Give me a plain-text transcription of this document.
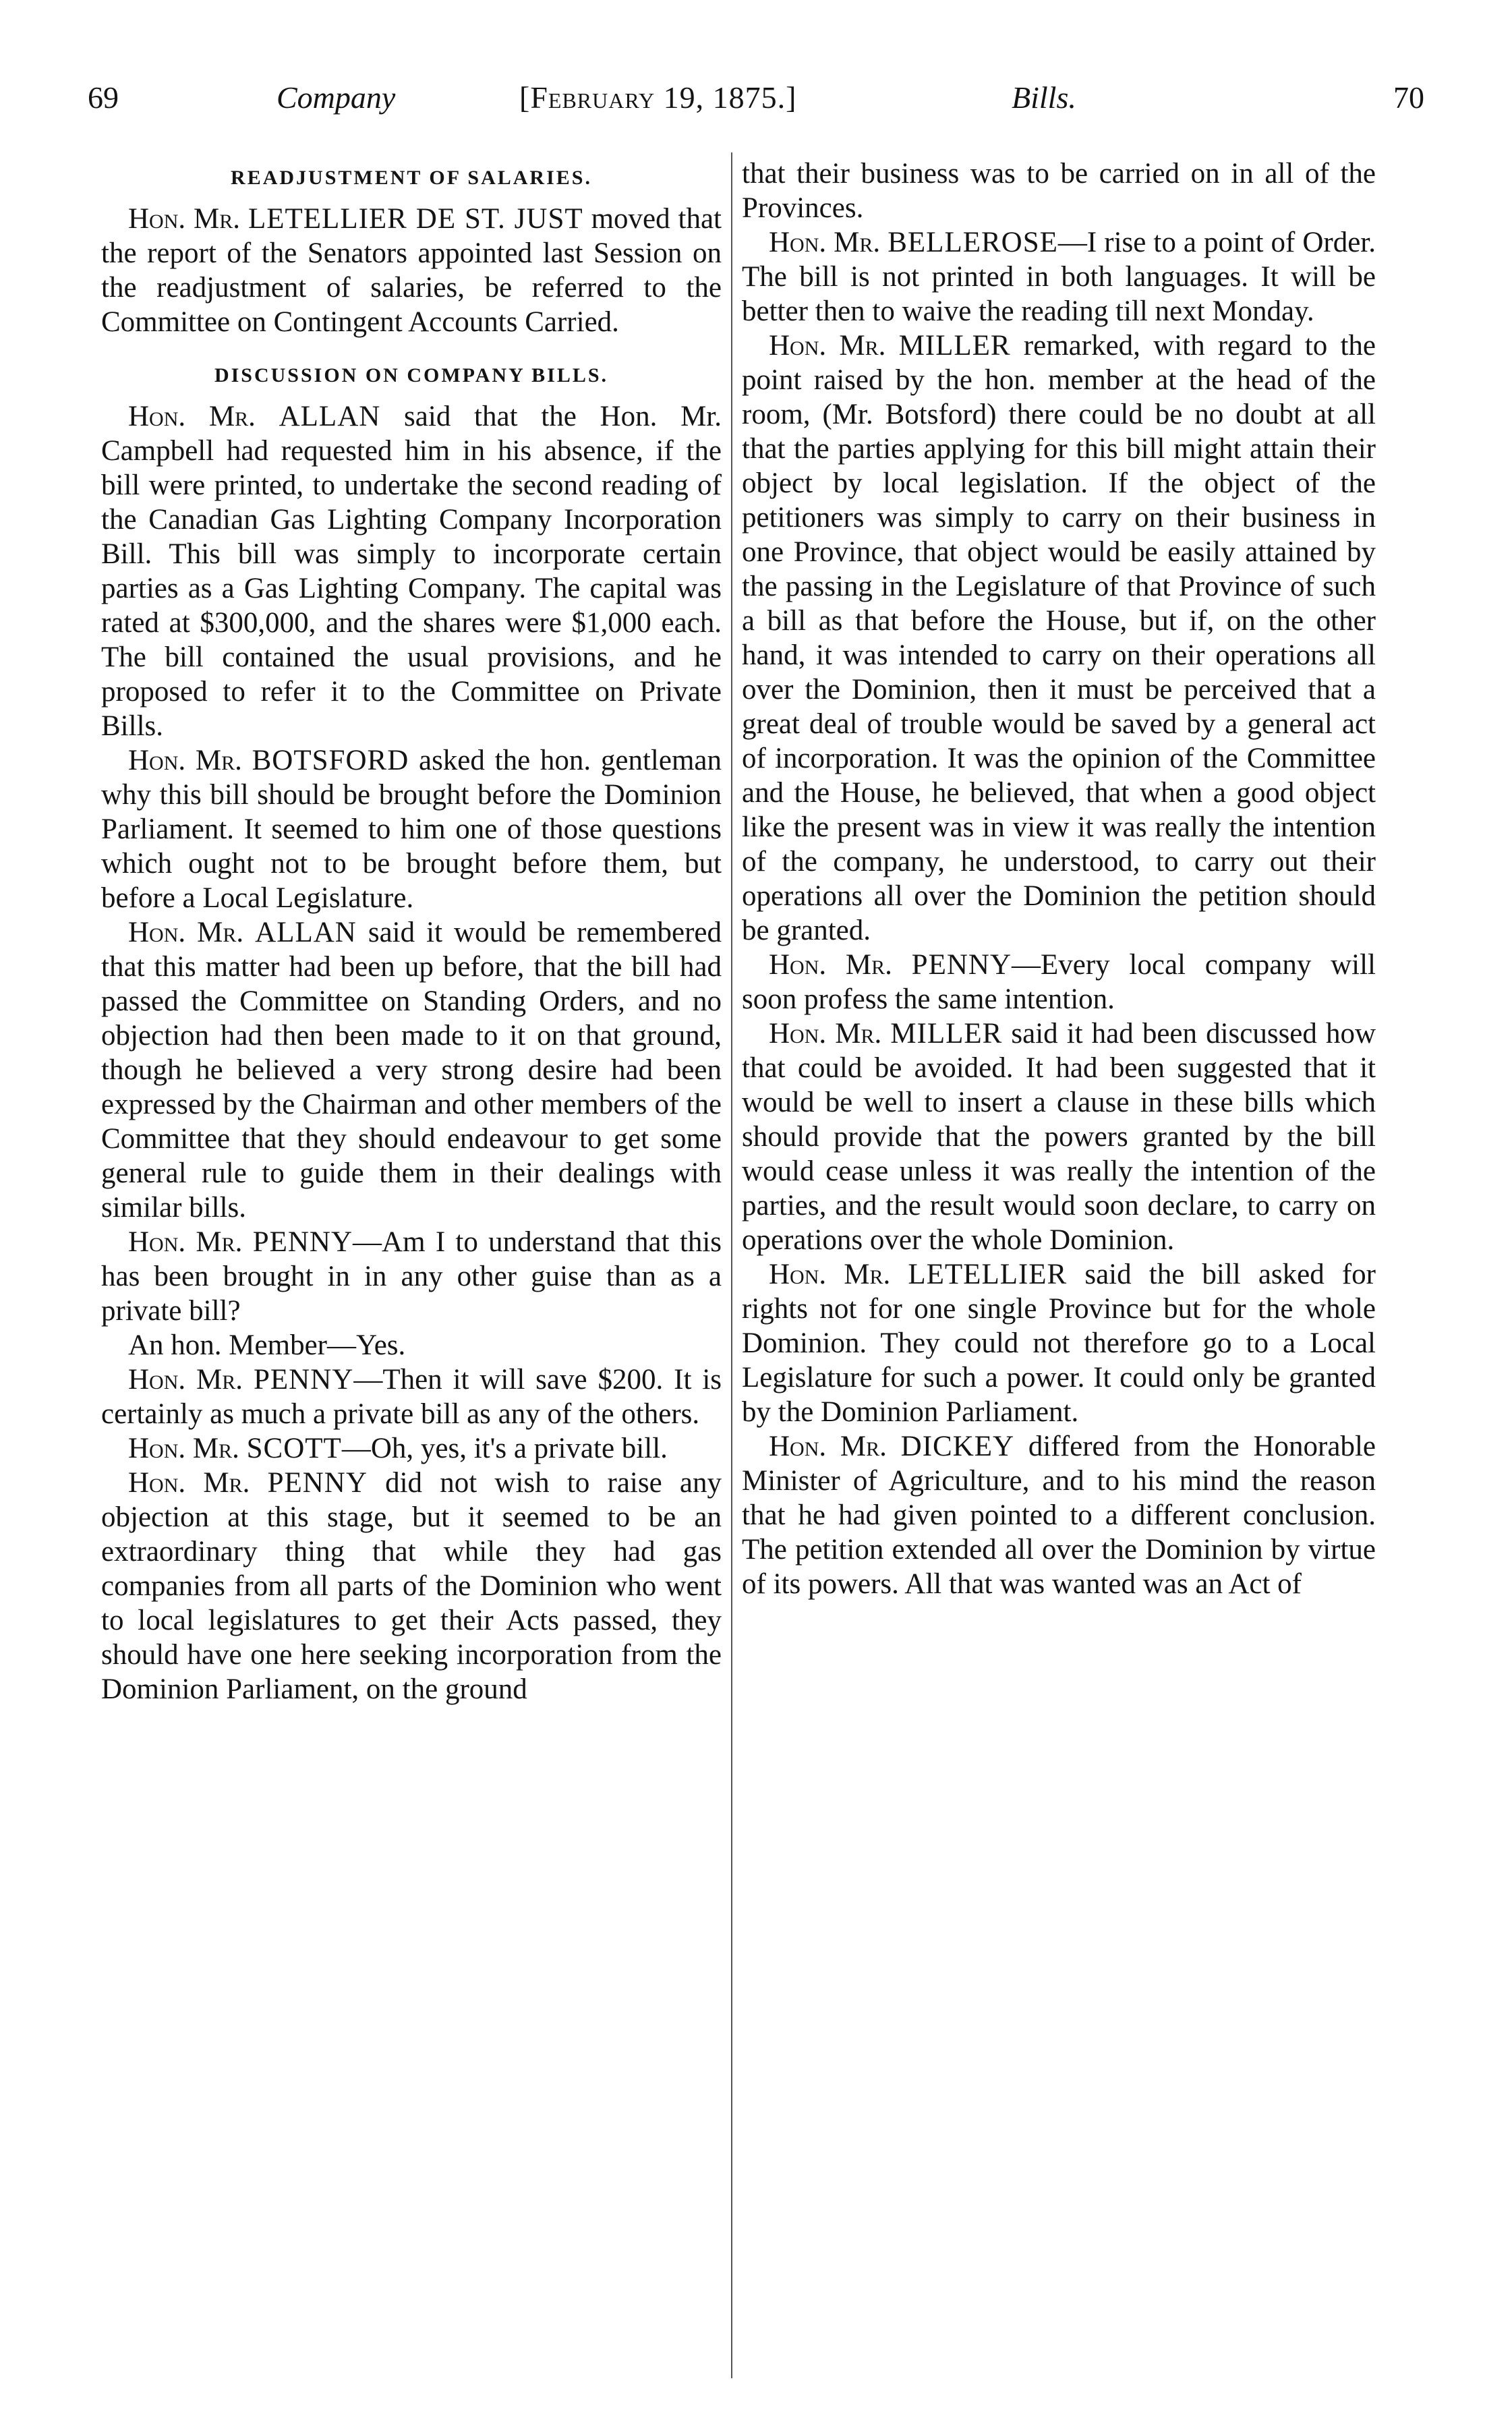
69	Company	[February 19, 1875.]	Bills.	70

READJUSTMENT OF SALARIES.

Hon. Mr. LETELLIER DE ST. JUST moved that the report of the Senators appointed last Session on the readjustment of salaries, be referred to the Committee on Contingent Accounts Carried.

DISCUSSION ON COMPANY BILLS.

Hon. Mr. ALLAN said that the Hon. Mr. Campbell had requested him in his absence, if the bill were printed, to undertake the second reading of the Canadian Gas Lighting Company Incorporation Bill. This bill was simply to incorporate certain parties as a Gas Lighting Company. The capital was rated at $300,000, and the shares were $1,000 each. The bill contained the usual provisions, and he proposed to refer it to the Committee on Private Bills.

Hon. Mr. BOTSFORD asked the hon. gentleman why this bill should be brought before the Dominion Parliament. It seemed to him one of those questions which ought not to be brought before them, but before a Local Legislature.

Hon. Mr. ALLAN said it would be remembered that this matter had been up before, that the bill had passed the Committee on Standing Orders, and no objection had then been made to it on that ground, though he believed a very strong desire had been expressed by the Chairman and other members of the Committee that they should endeavour to get some general rule to guide them in their dealings with similar bills.

Hon. Mr. PENNY—Am I to understand that this has been brought in in any other guise than as a private bill?

An hon. Member—Yes.

Hon. Mr. PENNY—Then it will save $200. It is certainly as much a private bill as any of the others.

Hon. Mr. SCOTT—Oh, yes, it's a private bill.

Hon. Mr. PENNY did not wish to raise any objection at this stage, but it seemed to be an extraordinary thing that while they had gas companies from all parts of the Dominion who went to local legislatures to get their Acts passed, they should have one here seeking incorporation from the Dominion Parliament, on the ground

that their business was to be carried on in all of the Provinces.

Hon. Mr. BELLEROSE—I rise to a point of Order. The bill is not printed in both languages. It will be better then to waive the reading till next Monday.

Hon. Mr. MILLER remarked, with regard to the point raised by the hon. member at the head of the room, (Mr. Botsford) there could be no doubt at all that the parties applying for this bill might attain their object by local legislation. If the object of the petitioners was simply to carry on their business in one Province, that object would be easily attained by the passing in the Legislature of that Province of such a bill as that before the House, but if, on the other hand, it was intended to carry on their operations all over the Dominion, then it must be perceived that a great deal of trouble would be saved by a general act of incorporation. It was the opinion of the Committee and the House, he believed, that when a good object like the present was in view it was really the intention of the company, he understood, to carry out their operations all over the Dominion the petition should be granted.

Hon. Mr. PENNY—Every local company will soon profess the same intention.

Hon. Mr. MILLER said it had been discussed how that could be avoided. It had been suggested that it would be well to insert a clause in these bills which should provide that the powers granted by the bill would cease unless it was really the intention of the parties, and the result would soon declare, to carry on operations over the whole Dominion.

Hon. Mr. LETELLIER said the bill asked for rights not for one single Province but for the whole Dominion. They could not therefore go to a Local Legislature for such a power. It could only be granted by the Dominion Parliament.

Hon. Mr. DICKEY differed from the Honorable Minister of Agriculture, and to his mind the reason that he had given pointed to a different conclusion. The petition extended all over the Dominion by virtue of its powers. All that was wanted was an Act of
